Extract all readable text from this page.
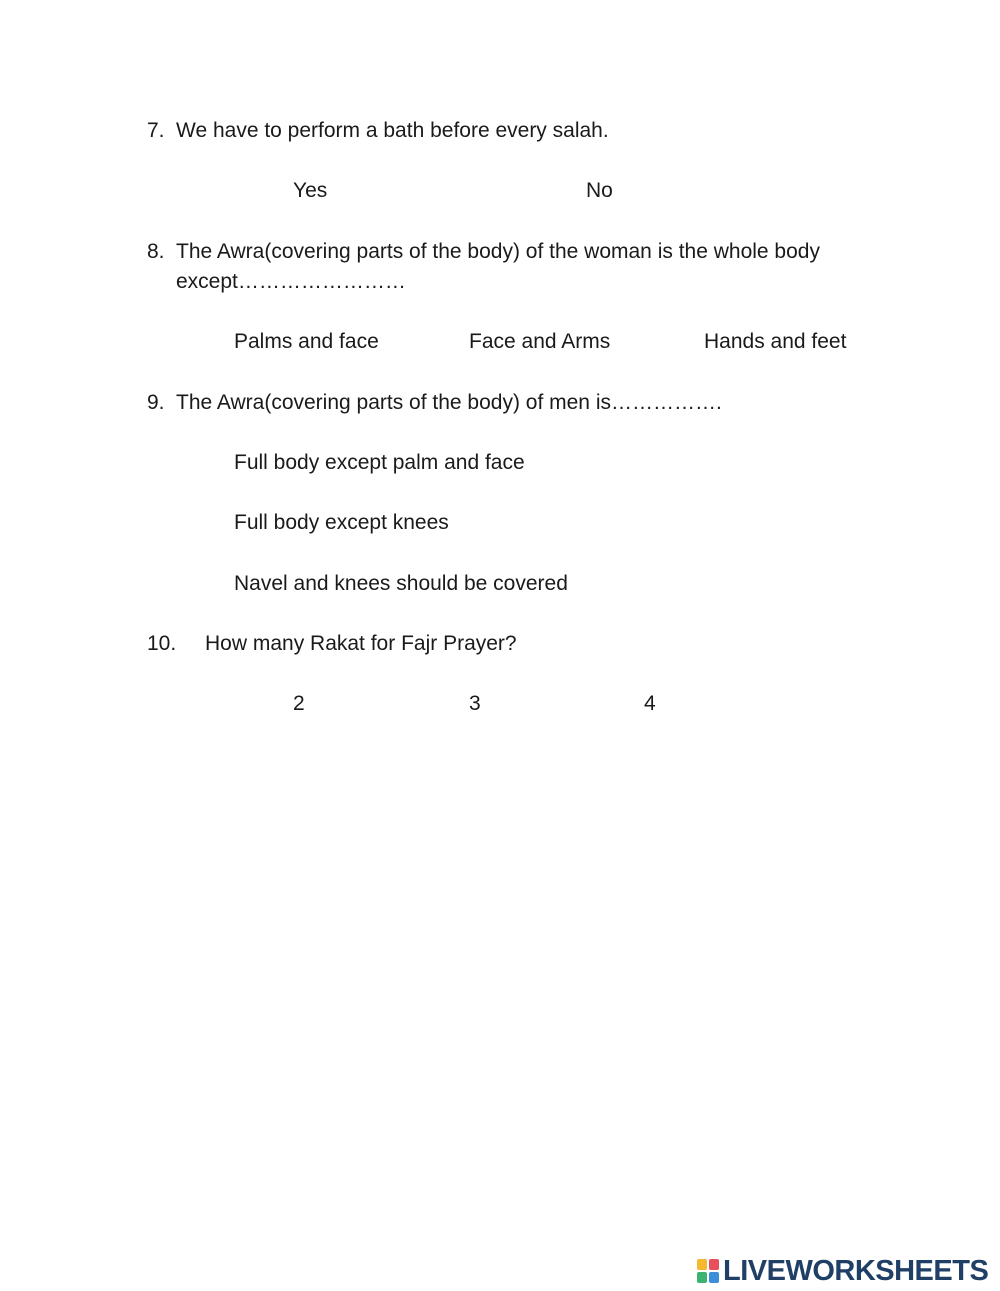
7. We have to perform a bath before every salah.
Yes	No
8. The Awra(covering parts of the body) of the woman is the whole body
except……………………
Palms and face	Face and Arms	Hands and feet
9. The Awra(covering parts of the body) of men is…………….
Full body except palm and face
Full body except knees
Navel and knees should be covered
10. How many Rakat for Fajr Prayer?
2	3	4
LIVEWORKSHEETS
